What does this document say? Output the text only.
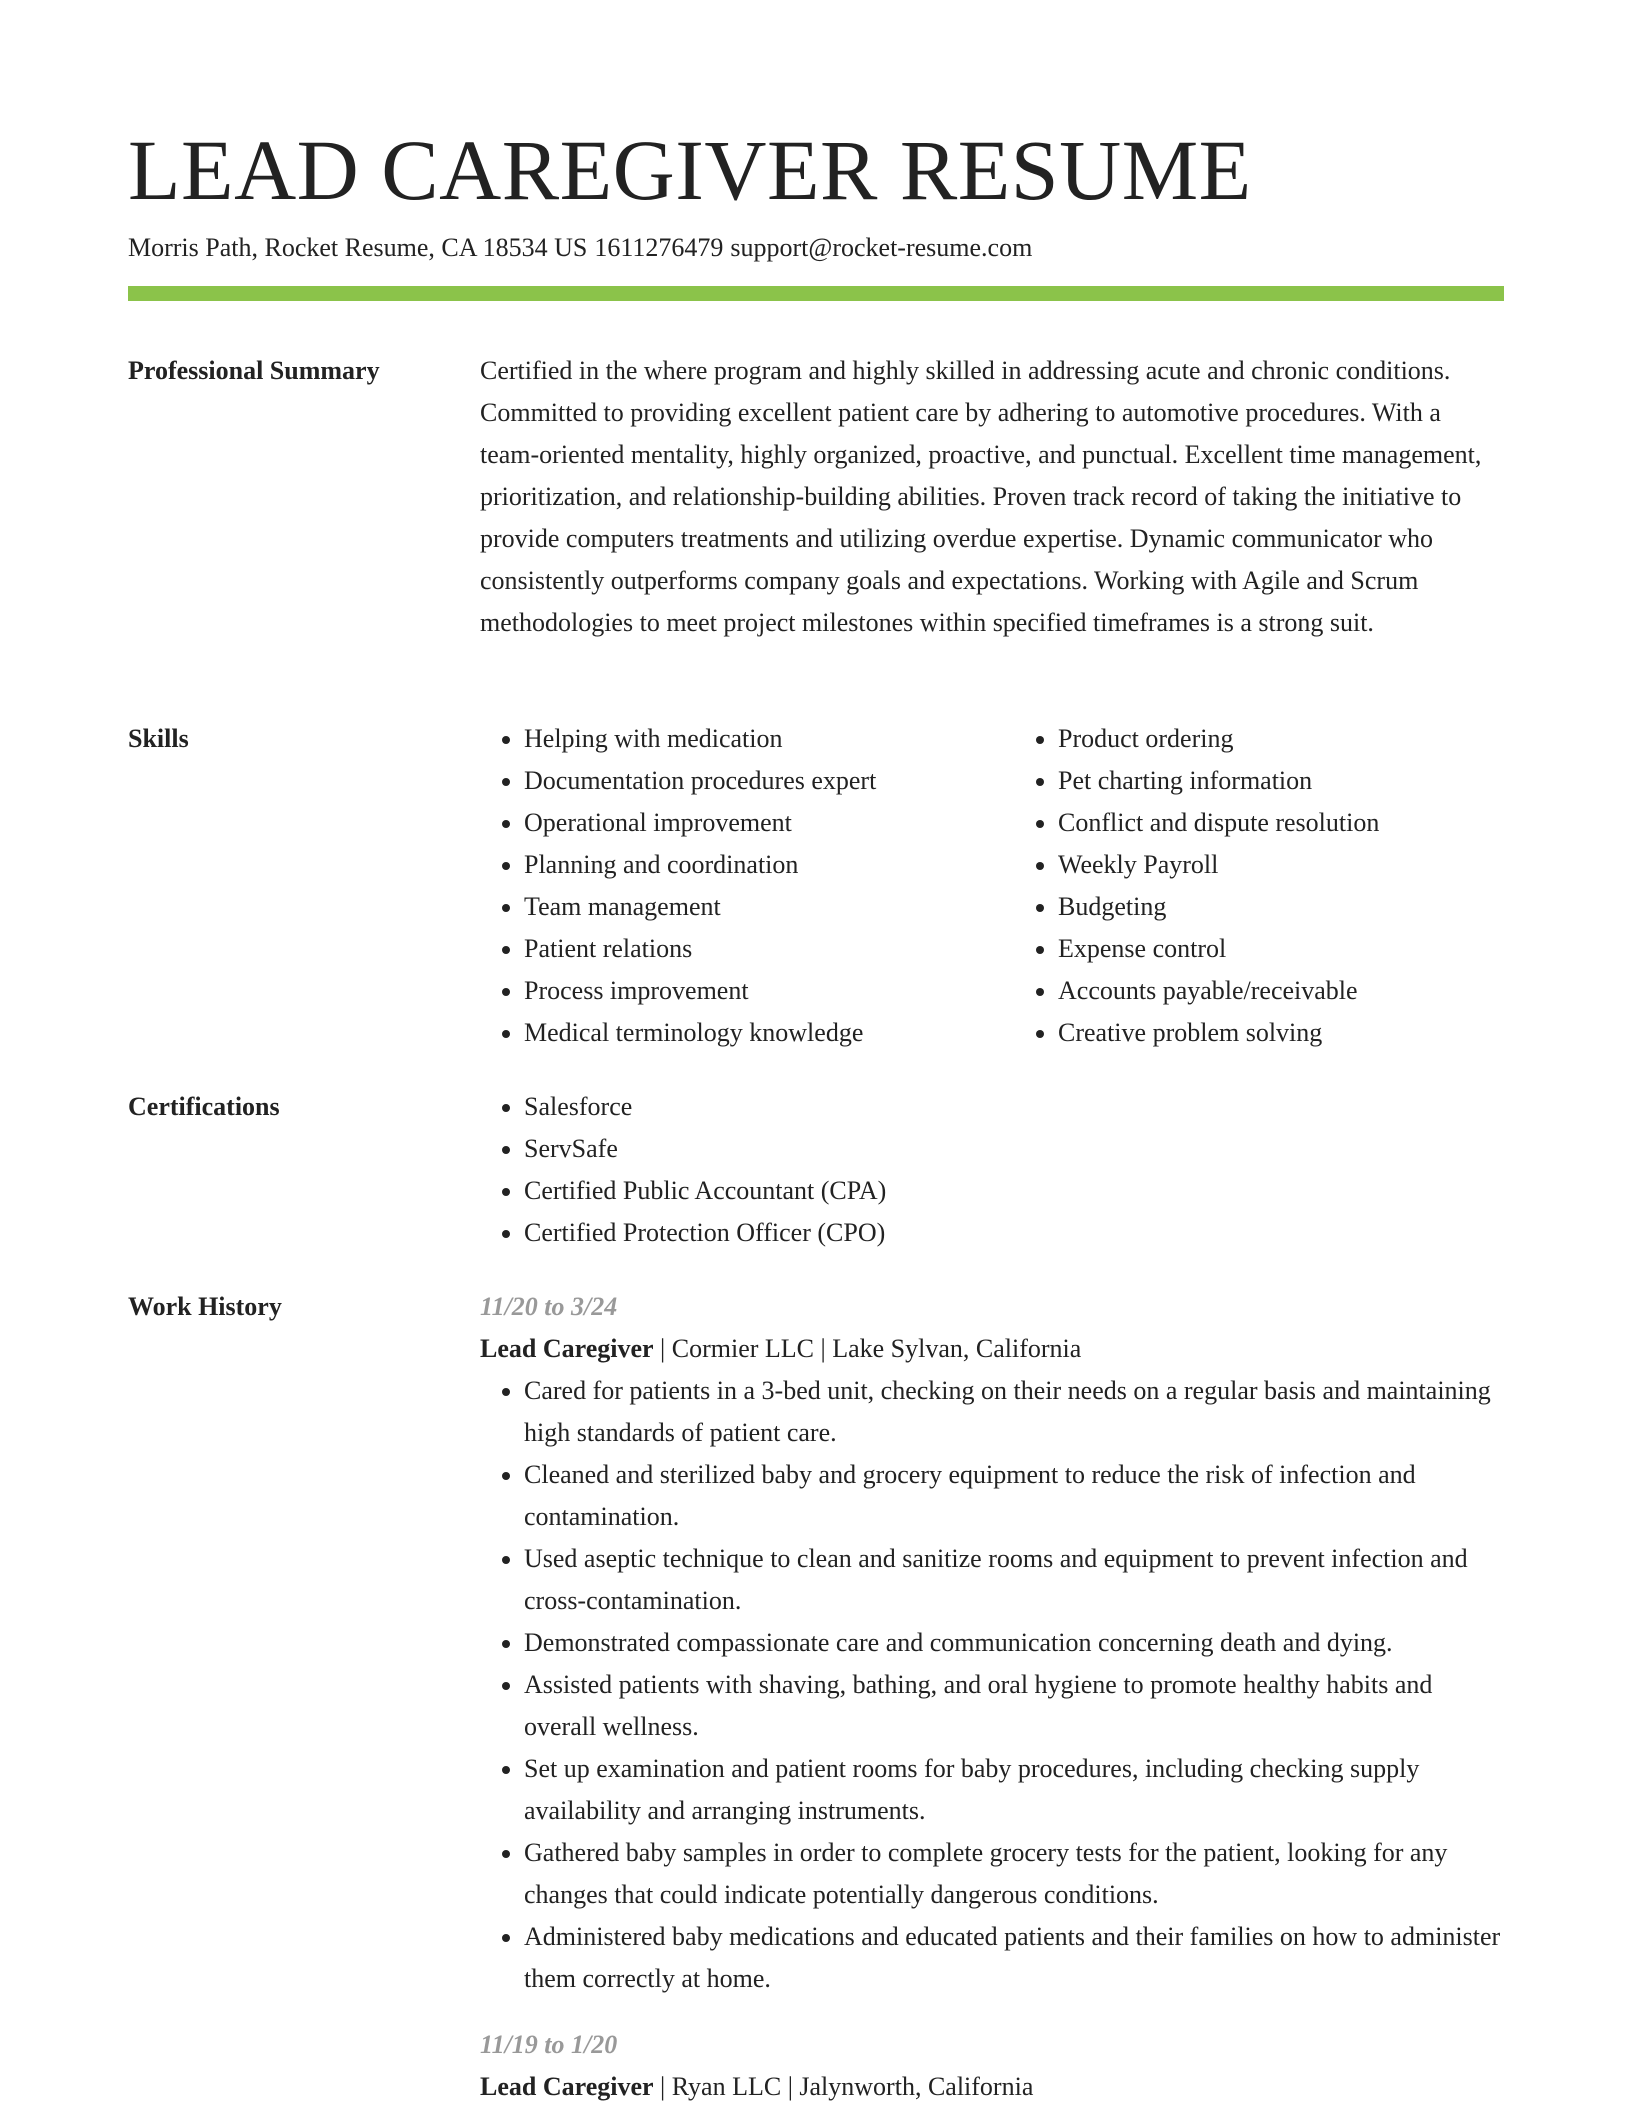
LEAD CAREGIVER RESUME
Morris Path, Rocket Resume, CA 18534 US 1611276479 support@rocket-resume.com
Professional Summary	Certified in the where program and highly skilled in addressing acute and chronic conditions. Committed to providing excellent patient care by adhering to automotive procedures. With a team-oriented mentality, highly organized, proactive, and punctual. Excellent time management, prioritization, and relationship-building abilities. Proven track record of taking the initiative to provide computers treatments and utilizing overdue expertise. Dynamic communicator who consistently outperforms company goals and expectations. Working with Agile and Scrum methodologies to meet project milestones within specified timeframes is a strong suit.

Skills	• Helping with medication
• Documentation procedures expert
• Operational improvement
• Planning and coordination
• Team management
• Patient relations
• Process improvement
• Medical terminology knowledge
• Product ordering
• Pet charting information
• Conflict and dispute resolution
• Weekly Payroll
• Budgeting
• Expense control
• Accounts payable/receivable
• Creative problem solving
Certifications	• Salesforce
• ServSafe
• Certified Public Accountant (CPA)
• Certified Protection Officer (CPO)
Work History	11/20 to 3/24
Lead Caregiver | Cormier LLC | Lake Sylvan, California
• Cared for patients in a 3-bed unit, checking on their needs on a regular basis and maintaining high standards of patient care.
• Cleaned and sterilized baby and grocery equipment to reduce the risk of infection and contamination.
• Used aseptic technique to clean and sanitize rooms and equipment to prevent infection and cross-contamination.
• Demonstrated compassionate care and communication concerning death and dying.
• Assisted patients with shaving, bathing, and oral hygiene to promote healthy habits and overall wellness.
• Set up examination and patient rooms for baby procedures, including checking supply availability and arranging instruments.
• Gathered baby samples in order to complete grocery tests for the patient, looking for any changes that could indicate potentially dangerous conditions.
• Administered baby medications and educated patients and their families on how to administer them correctly at home.
11/19 to 1/20
Lead Caregiver | Ryan LLC | Jalynworth, California
